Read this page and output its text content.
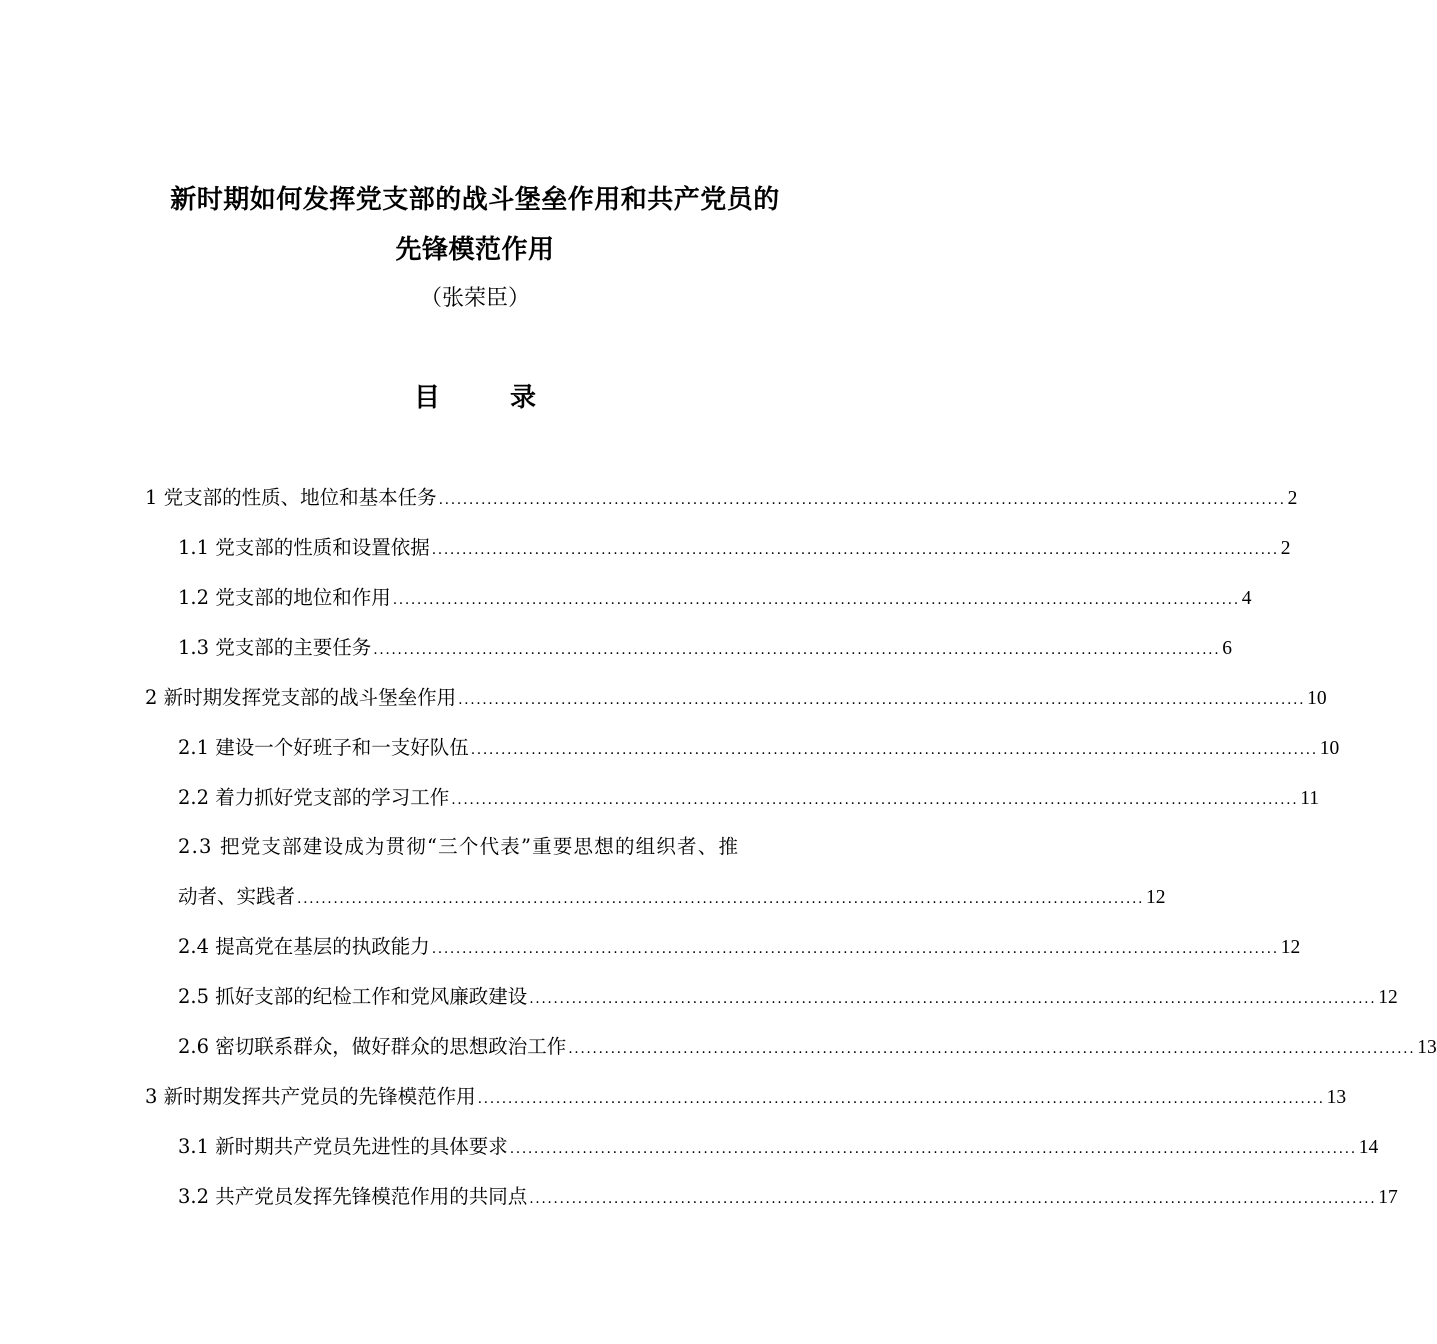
新时期如何发挥党支部的战斗堡垒作用和共产党员的
先锋模范作用
（张荣臣）
目录
1 党支部的性质、地位和基本任务 ............................................................................................................................................ 2
1.1 党支部的性质和设置依据 ............................................................................................................................................ 2
1.2 党支部的地位和作用 ............................................................................................................................................ 4
1.3 党支部的主要任务 ............................................................................................................................................ 6
2 新时期发挥党支部的战斗堡垒作用 ............................................................................................................................................ 10
2.1 建设一个好班子和一支好队伍 ............................................................................................................................................ 10
2.2 着力抓好党支部的学习工作 ............................................................................................................................................ 11
2.3 把党支部建设成为贯彻“三个代表”重要思想的组织者、推
动者、实践者 ............................................................................................................................................ 12
2.4 提高党在基层的执政能力 ............................................................................................................................................ 12
2.5 抓好支部的纪检工作和党风廉政建设 ............................................................................................................................................ 12
2.6 密切联系群众，做好群众的思想政治工作 ............................................................................................................................................ 13
3 新时期发挥共产党员的先锋模范作用 ............................................................................................................................................ 13
3.1 新时期共产党员先进性的具体要求 ............................................................................................................................................ 14
3.2 共产党员发挥先锋模范作用的共同点 ............................................................................................................................................ 17
